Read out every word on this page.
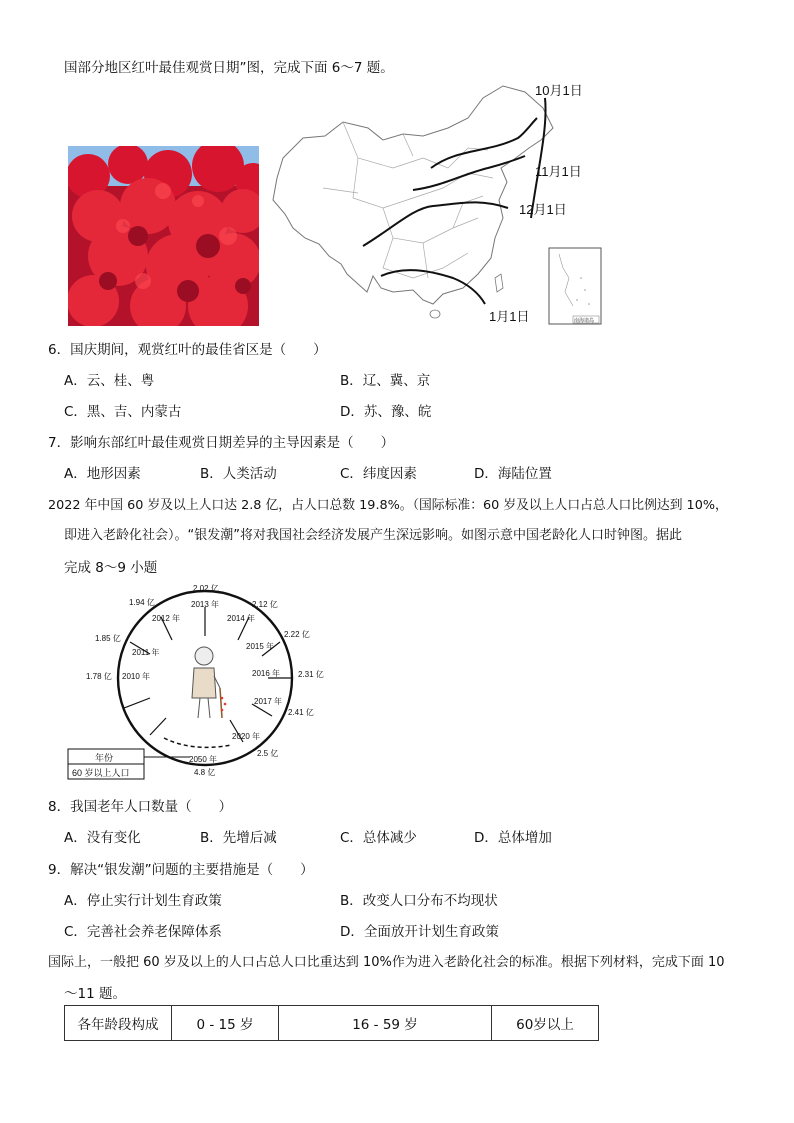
国部分地区红叶最佳观赏日期”图，完成下面 6～7 题。
10月1日
11月1日
12月1日
1月1日	南海诸岛
6．国庆期间，观赏红叶的最佳省区是（　　）
A．云、桂、粤	B．辽、冀、京
C．黑、吉、内蒙古	D．苏、豫、皖
7．影响东部红叶最佳观赏日期差异的主导因素是（　　）
A．地形因素	B．人类活动	C．纬度因素	D．海陆位置
2022 年中国 60 岁及以上人口达 2.8 亿，占人口总数 19.8%。（国际标准：60 岁及以上人口占总人口比例达到 10%，
即进入老龄化社会）。“银发潮”将对我国社会经济发展产生深远影响。如图示意中国老龄化人口时钟图。据此
完成 8～9 小题
2010 年
2011 年
2012 年
2013 年
2014 年
2015 年
2016 年
2017 年
2020 年
2050 年
1.78 亿
1.85 亿
1.94 亿
2.02 亿
2.12 亿
2.22 亿
2.31 亿
2.41 亿
2.5 亿
4.8 亿
年份
60 岁以上人口
8．我国老年人口数量（　　）
A．没有变化	B．先增后减	C．总体减少	D．总体增加
9．解决“银发潮”问题的主要措施是（　　）
A．停止实行计划生育政策	B．改变人口分布不均现状
C．完善社会养老保障体系	D．全面放开计划生育政策
国际上，一般把 60 岁及以上的人口占总人口比重达到 10%作为进入老龄化社会的标准。根据下列材料，完成下面 10
～11 题。
各年龄段构成	0 - 15 岁	16 - 59 岁	60岁以上
